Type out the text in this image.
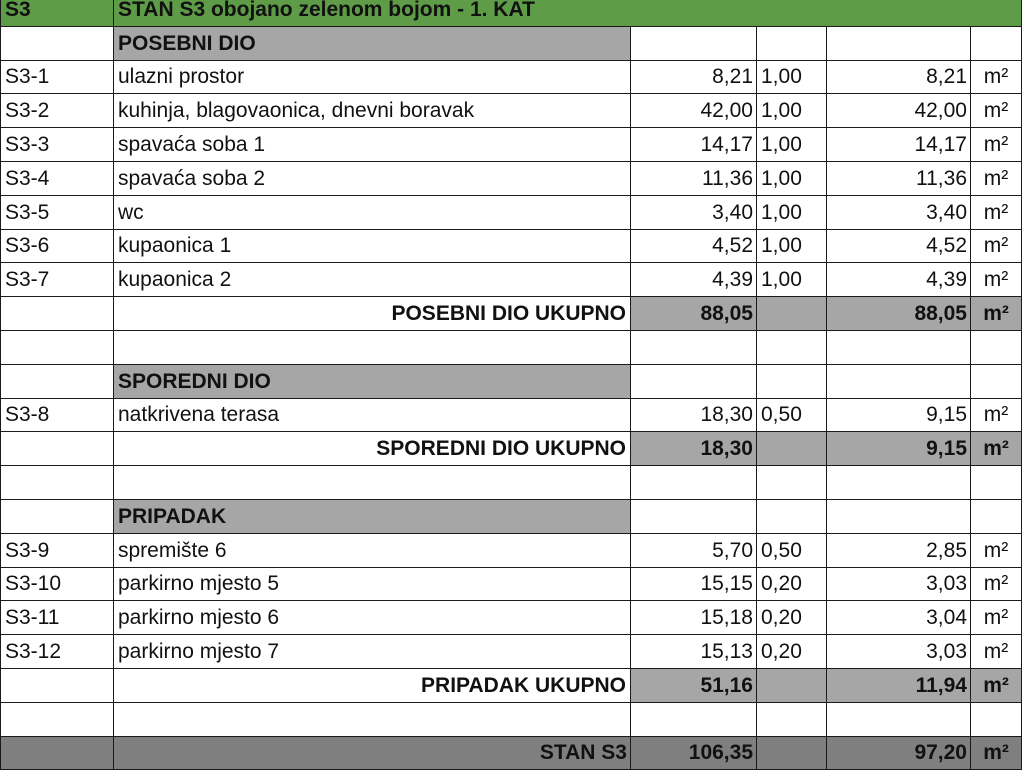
S3	STAN S3 obojano zelenom bojom - 1. KAT				
	POSEBNI DIO				
S3-1	ulazni prostor	8,21	1,00	8,21	m²
S3-2	kuhinja, blagovaonica, dnevni boravak	42,00	1,00	42,00	m²
S3-3	spavaća soba 1	14,17	1,00	14,17	m²
S3-4	spavaća soba 2	11,36	1,00	11,36	m²
S3-5	wc	3,40	1,00	3,40	m²
S3-6	kupaonica 1	4,52	1,00	4,52	m²
S3-7	kupaonica 2	4,39	1,00	4,39	m²
	POSEBNI DIO UKUPNO	88,05		88,05	m²

	SPOREDNI DIO				
S3-8	natkrivena terasa	18,30	0,50	9,15	m²
	SPOREDNI DIO UKUPNO	18,30		9,15	m²

	PRIPADAK				
S3-9	spremište 6	5,70	0,50	2,85	m²
S3-10	parkirno mjesto 5	15,15	0,20	3,03	m²
S3-11	parkirno mjesto 6	15,18	0,20	3,04	m²
S3-12	parkirno mjesto 7	15,13	0,20	3,03	m²
	PRIPADAK UKUPNO	51,16		11,94	m²

	STAN S3	106,35		97,20	m²
